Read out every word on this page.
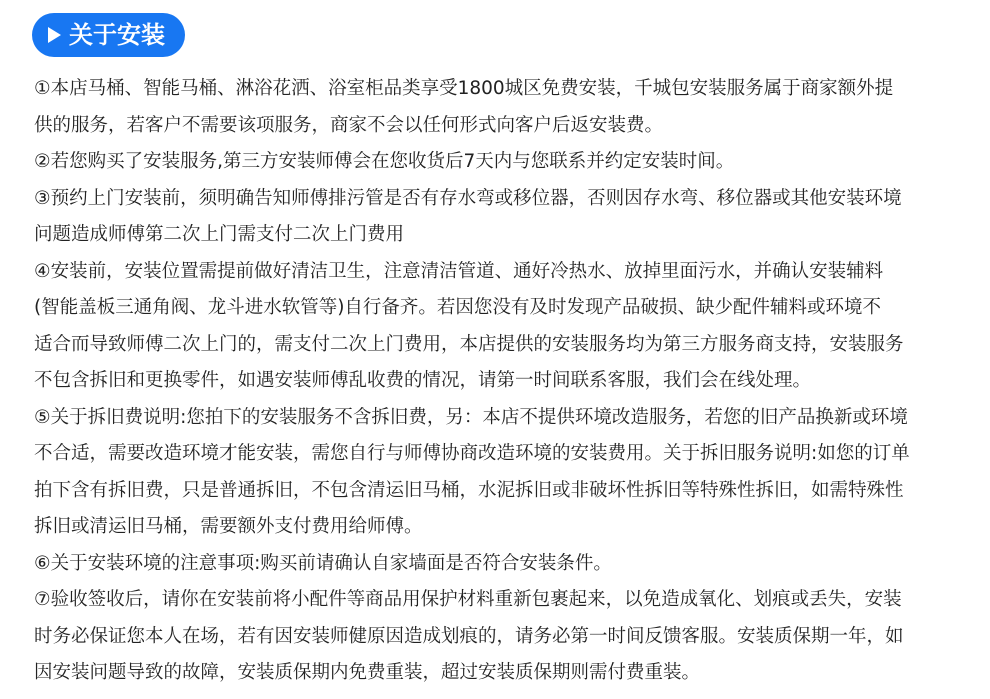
关于安装
①本店马桶、智能马桶、淋浴花洒、浴室柜品类享受1800城区免费安装，千城包安装服务属于商家额外提
供的服务，若客户不需要该项服务，商家不会以任何形式向客户后返安装费。
②若您购买了安装服务,第三方安装师傅会在您收货后7天内与您联系并约定安装时间。
③预约上门安装前，须明确告知师傅排污管是否有存水弯或移位器，否则因存水弯、移位器或其他安装环境
问题造成师傅第二次上门需支付二次上门费用
④安装前，安装位置需提前做好清洁卫生，注意清洁管道、通好冷热水、放掉里面污水，并确认安装辅料
(智能盖板三通角阀、龙斗进水软管等)自行备齐。若因您没有及时发现产品破损、缺少配件辅料或环境不
适合而导致师傅二次上门的，需支付二次上门费用，本店提供的安装服务均为第三方服务商支持，安装服务
不包含拆旧和更换零件，如遇安装师傅乱收费的情况，请第一时间联系客服，我们会在线处理。
⑤关于拆旧费说明:您拍下的安装服务不含拆旧费，另：本店不提供环境改造服务，若您的旧产品换新或环境
不合适，需要改造环境才能安装，需您自行与师傅协商改造环境的安装费用。关于拆旧服务说明:如您的订单
拍下含有拆旧费，只是普通拆旧，不包含清运旧马桶，水泥拆旧或非破坏性拆旧等特殊性拆旧，如需特殊性
拆旧或清运旧马桶，需要额外支付费用给师傅。
⑥关于安装环境的注意事项:购买前请确认自家墙面是否符合安装条件。
⑦验收签收后，请你在安装前将小配件等商品用保护材料重新包裹起来，以免造成氧化、划痕或丢失，安装
时务必保证您本人在场，若有因安装师健原因造成划痕的，请务必第一时间反馈客服。安装质保期一年，如
因安装问题导致的故障，安装质保期内免费重装，超过安装质保期则需付费重装。
